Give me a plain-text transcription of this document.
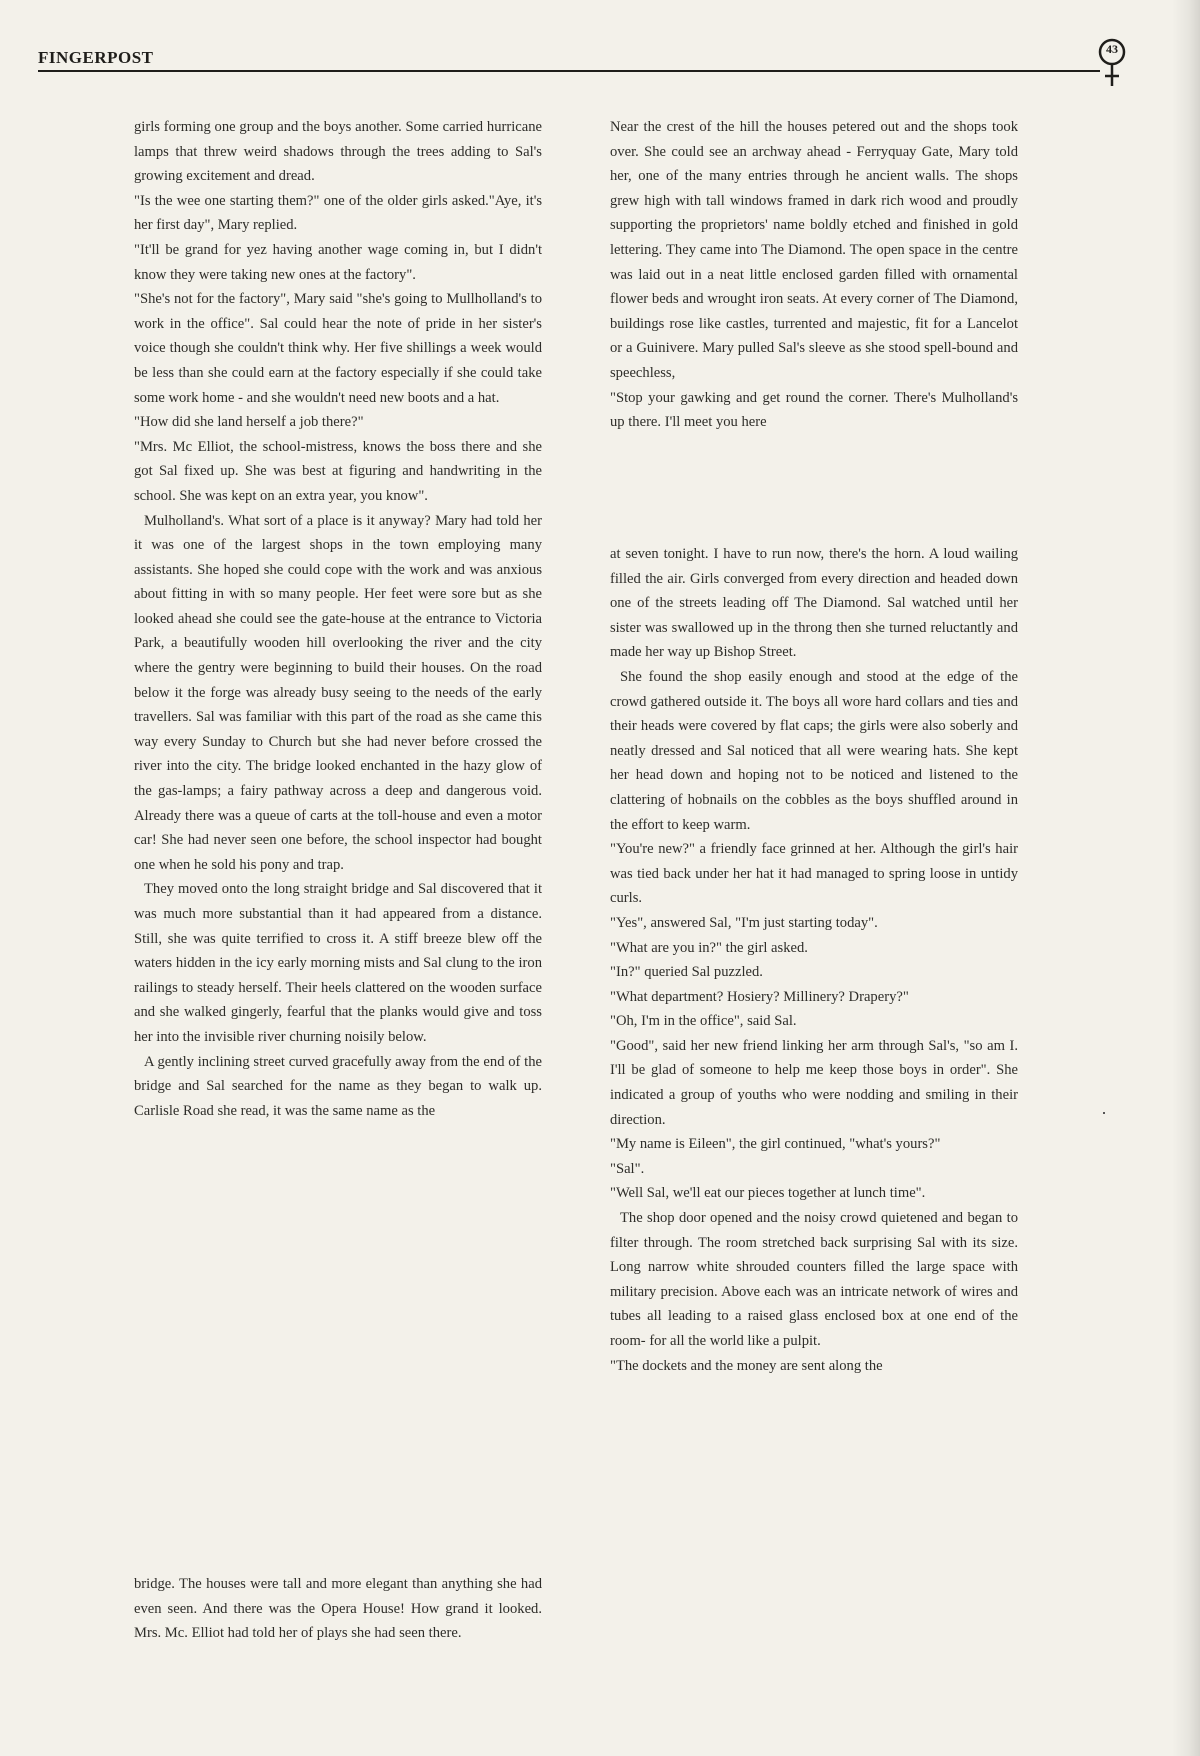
FINGERPOST	43

girls forming one group and the boys another. Some carried hurricane lamps that threw weird shadows through the trees adding to Sal's growing excitement and dread.

"Is the wee one starting them?" one of the older girls asked."Aye, it's her first day", Mary replied.

"It'll be grand for yez having another wage coming in, but I didn't know they were taking new ones at the factory".

"She's not for the factory", Mary said "she's going to Mullholland's to work in the office". Sal could hear the note of pride in her sister's voice though she couldn't think why. Her five shillings a week would be less than she could earn at the factory especially if she could take some work home - and she wouldn't need new boots and a hat.

"How did she land herself a job there?"

"Mrs. Mc Elliot, the school-mistress, knows the boss there and she got Sal fixed up. She was best at figuring and handwriting in the school. She was kept on an extra year, you know".

Mulholland's. What sort of a place is it anyway? Mary had told her it was one of the largest shops in the town employing many assistants. She hoped she could cope with the work and was anxious about fitting in with so many people. Her feet were sore but as she looked ahead she could see the gate-house at the entrance to Victoria Park, a beautifully wooden hill overlooking the river and the city where the gentry were beginning to build their houses. On the road below it the forge was already busy seeing to the needs of the early travellers. Sal was familiar with this part of the road as she came this way every Sunday to Church but she had never before crossed the river into the city. The bridge looked enchanted in the hazy glow of the gas-lamps; a fairy pathway across a deep and dangerous void. Already there was a queue of carts at the toll-house and even a motor car! She had never seen one before, the school inspector had bought one when he sold his pony and trap.

They moved onto the long straight bridge and Sal discovered that it was much more substantial than it had appeared from a distance. Still, she was quite terrified to cross it. A stiff breeze blew off the waters hidden in the icy early morning mists and Sal clung to the iron railings to steady herself. Their heels clattered on the wooden surface and she walked gingerly, fearful that the planks would give and toss her into the invisible river churning noisily below.

A gently inclining street curved gracefully away from the end of the bridge and Sal searched for the name as they began to walk up. Carlisle Road she read, it was the same name as the

bridge. The houses were tall and more elegant than anything she had even seen. And there was the Opera House! How grand it looked. Mrs. Mc. Elliot had told her of plays she had seen there.

Near the crest of the hill the houses petered out and the shops took over. She could see an archway ahead - Ferryquay Gate, Mary told her, one of the many entries through he ancient walls. The shops grew high with tall windows framed in dark rich wood and proudly supporting the proprietors' name boldly etched and finished in gold lettering. They came into The Diamond. The open space in the centre was laid out in a neat little enclosed garden filled with ornamental flower beds and wrought iron seats. At every corner of The Diamond, buildings rose like castles, turrented and majestic, fit for a Lancelot or a Guinivere. Mary pulled Sal's sleeve as she stood spell-bound and speechless,

"Stop your gawking and get round the corner. There's Mulholland's up there. I'll meet you here

at seven tonight. I have to run now, there's the horn. A loud wailing filled the air. Girls converged from every direction and headed down one of the streets leading off The Diamond. Sal watched until her sister was swallowed up in the throng then she turned reluctantly and made her way up Bishop Street.

She found the shop easily enough and stood at the edge of the crowd gathered outside it. The boys all wore hard collars and ties and their heads were covered by flat caps; the girls were also soberly and neatly dressed and Sal noticed that all were wearing hats. She kept her head down and hoping not to be noticed and listened to the clattering of hobnails on the cobbles as the boys shuffled around in the effort to keep warm.

"You're new?" a friendly face grinned at her. Although the girl's hair was tied back under her hat it had managed to spring loose in untidy curls.

"Yes", answered Sal, "I'm just starting today".

"What are you in?" the girl asked.

"In?" queried Sal puzzled.

"What department? Hosiery? Millinery? Drapery?"

"Oh, I'm in the office", said Sal.

"Good", said her new friend linking her arm through Sal's, "so am I. I'll be glad of someone to help me keep those boys in order". She indicated a group of youths who were nodding and smiling in their direction.

"My name is Eileen", the girl continued, "what's yours?"

"Sal".

"Well Sal, we'll eat our pieces together at lunch time".

The shop door opened and the noisy crowd quietened and began to filter through. The room stretched back surprising Sal with its size. Long narrow white shrouded counters filled the large space with military precision. Above each was an intricate network of wires and tubes all leading to a raised glass enclosed box at one end of the room- for all the world like a pulpit.

"The dockets and the money are sent along the
